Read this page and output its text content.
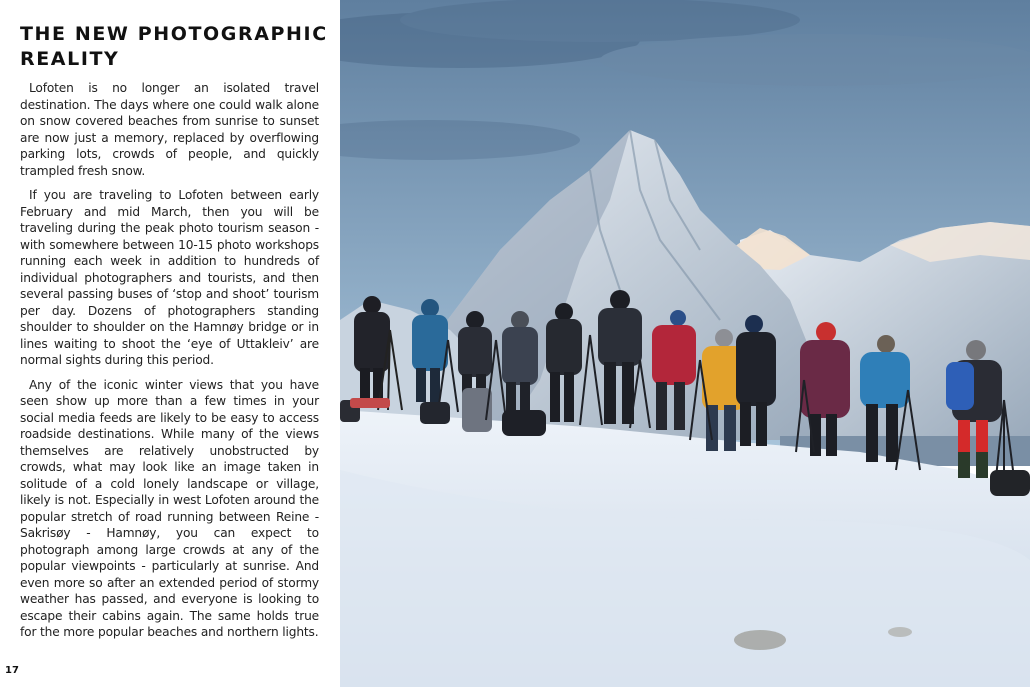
THE NEW PHOTOGRAPHIC REALITY

Lofoten is no longer an isolated travel destination. The days where one could walk alone on snow covered beaches from sunrise to sunset are now just a memory, replaced by overflowing parking lots, crowds of people, and quickly trampled fresh snow.

If you are traveling to Lofoten between early February and mid March, then you will be traveling during the peak photo tourism season - with somewhere between 10-15 photo workshops running each week in addition to hundreds of individual photographers and tourists, and then several passing buses of ‘stop and shoot’ tourism per day. Dozens of photographers standing shoulder to shoulder on the Hamnøy bridge or in lines waiting to shoot the ‘eye of Uttakleiv’ are normal sights during this period.

Any of the iconic winter views that you have seen show up more than a few times in your social media feeds are likely to be easy to access roadside destinations. While many of the views themselves are relatively unobstructed by crowds, what may look like an image taken in solitude of a cold lonely landscape or village, likely is not. Especially in west Lofoten around the popular stretch of road running between Reine - Sakrisøy - Hamnøy, you can expect to photograph among large crowds at any of the popular viewpoints - particularly at sunrise. And even more so after an extended period of stormy weather has passed, and everyone is looking to escape their cabins again. The same holds true for the more popular beaches and northern lights.

17
